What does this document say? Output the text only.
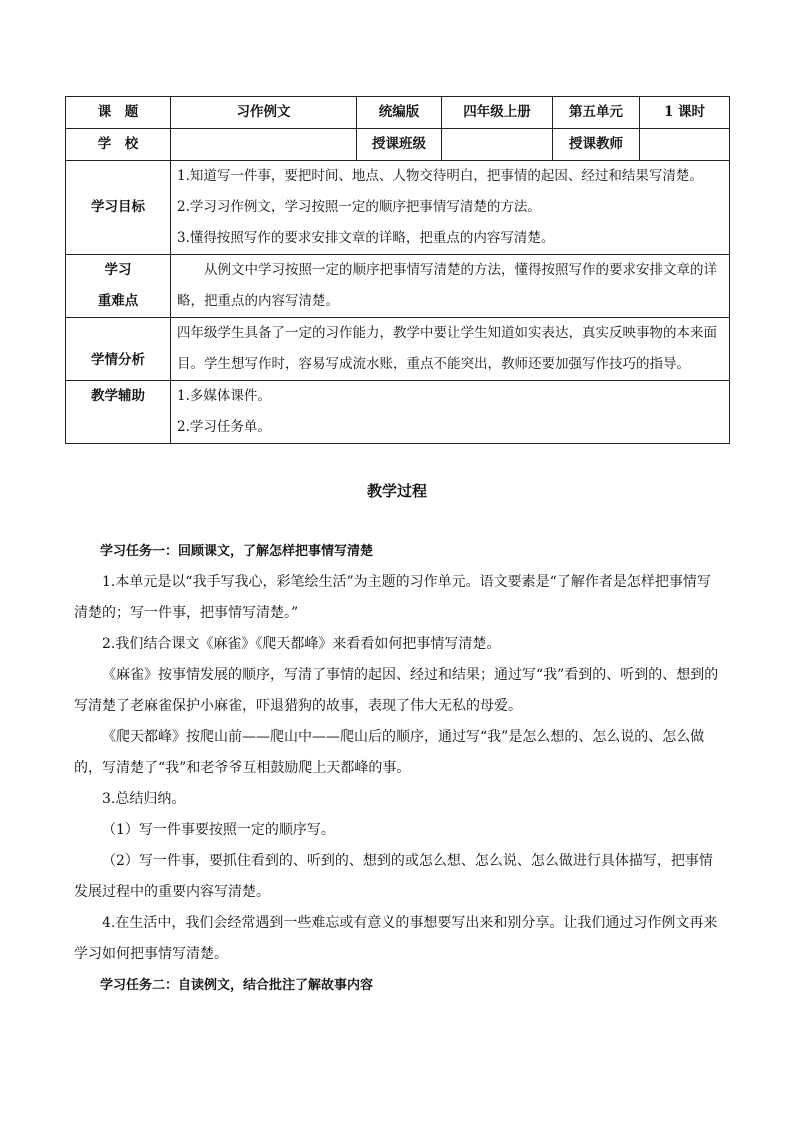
课　题	习作例文	统编版	四年级上册	第五单元	1 课时
学　校		授课班级		授课教师	
学习目标	1.知道写一件事，要把时间、地点、人物交待明白，把事情的起因、经过和结果写清楚。
2.学习习作例文，学习按照一定的顺序把事情写清楚的方法。
3.懂得按照写作的要求安排文章的详略，把重点的内容写清楚。				

学习
重难点	从例文中学习按照一定的顺序把事情写清楚的方法，懂得按照写作的要求安排文章的详略，把重点的内容写清楚。				

学情分析	四年级学生具备了一定的习作能力，教学中要让学生知道如实表达，真实反映事物的本来面目。学生想写作时，容易写成流水账，重点不能突出，教师还要加强写作技巧的指导。				

教学辅助	1.多媒体课件。
2.学习任务单。				
教学过程

学习任务一：回顾课文，了解怎样把事情写清楚

1.本单元是以“我手写我心，彩笔绘生活”为主题的习作单元。语文要素是“了解作者是怎样把事情写清楚的；写一件事，把事情写清楚。”

2.我们结合课文《麻雀》《爬天都峰》来看看如何把事情写清楚。

《麻雀》按事情发展的顺序，写清了事情的起因、经过和结果；通过写“我”看到的、听到的、想到的写清楚了老麻雀保护小麻雀，吓退猎狗的故事，表现了伟大无私的母爱。

《爬天都峰》按爬山前——爬山中——爬山后的顺序，通过写“我”是怎么想的、怎么说的、怎么做的，写清楚了“我”和老爷爷互相鼓励爬上天都峰的事。

3.总结归纳。

（1）写一件事要按照一定的顺序写。

（2）写一件事，要抓住看到的、听到的、想到的或怎么想、怎么说、怎么做进行具体描写，把事情发展过程中的重要内容写清楚。

4.在生活中，我们会经常遇到一些难忘或有意义的事想要写出来和别分享。让我们通过习作例文再来学习如何把事情写清楚。

学习任务二：自读例文，结合批注了解故事内容
